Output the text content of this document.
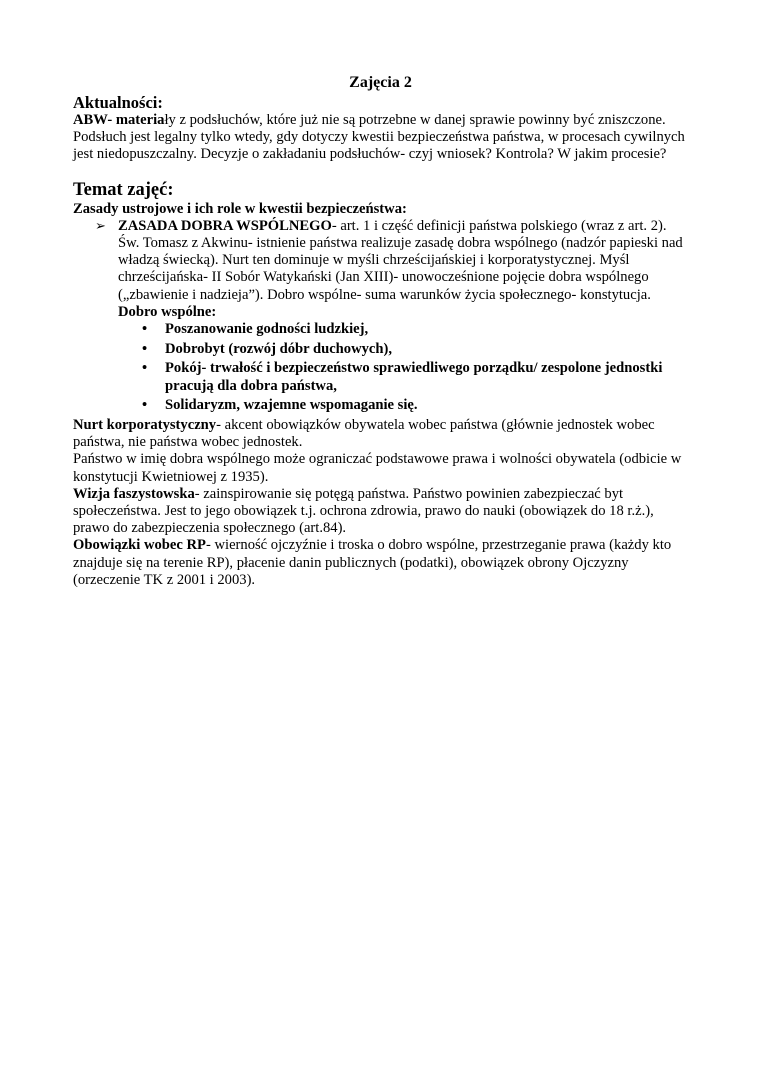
Zajęcia 2
Aktualności:

ABW- materiały z podsłuchów, które już nie są potrzebne w danej sprawie powinny być zniszczone. Podsłuch jest legalny tylko wtedy, gdy dotyczy kwestii bezpieczeństwa państwa, w procesach cywilnych jest niedopuszczalny. Decyzje o zakładaniu podsłuchów- czyj wniosek? Kontrola? W jakim procesie?

Temat zajęć:

Zasady ustrojowe i ich role w kwestii bezpieczeństwa:

➢ ZASADA DOBRA WSPÓLNEGO- art. 1 i część definicji państwa polskiego (wraz z art. 2).

Św. Tomasz z Akwinu- istnienie państwa realizuje zasadę dobra wspólnego (nadzór papieski nad władzą świecką). Nurt ten dominuje w myśli chrześcijańskiej i korporatystycznej. Myśl chrześcijańska- II Sobór Watykański (Jan XIII)- unowocześnione pojęcie dobra wspólnego („zbawienie i nadzieja”). Dobro wspólne- suma warunków życia społecznego- konstytucja.

Dobro wspólne:

• Poszanowanie godności ludzkiej,
• Dobrobyt (rozwój dóbr duchowych),
• Pokój- trwałość i bezpieczeństwo sprawiedliwego porządku/ zespolone jednostki pracują dla dobra państwa,
• Solidaryzm, wzajemne wspomaganie się.

Nurt korporatystyczny- akcent obowiązków obywatela wobec państwa (głównie jednostek wobec państwa, nie państwa wobec jednostek.

Państwo w imię dobra wspólnego może ograniczać podstawowe prawa i wolności obywatela (odbicie w konstytucji Kwietniowej z 1935).

Wizja faszystowska- zainspirowanie się potęgą państwa. Państwo powinien zabezpieczać byt społeczeństwa. Jest to jego obowiązek t.j. ochrona zdrowia, prawo do nauki (obowiązek do 18 r.ż.), prawo do zabezpieczenia społecznego (art.84).

Obowiązki wobec RP- wierność ojczyźnie i troska o dobro wspólne, przestrzeganie prawa (każdy kto znajduje się na terenie RP), płacenie danin publicznych (podatki), obowiązek obrony Ojczyzny (orzeczenie TK z 2001 i 2003).
